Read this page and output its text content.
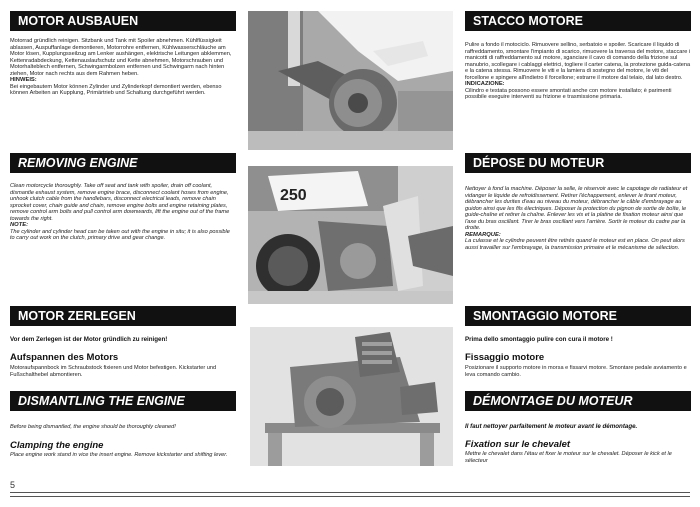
MOTOR AUSBAUEN

Motorrad gründlich reinigen. Sitzbank und Tank mit Spoiler abnehmen. Kühlflüssigkeit ablassen, Auspuffanlage demontieren, Motorrohre entfernen, Kühlwasserschläuche am Motor lösen, Kupplungsseilzug am Lenker aushängen, elektrische Leitungen abklemmen, Kettenradabdeckung, Kettenauslaufschutz und Kette abnehmen, Motorschrauben und Motorhalteblech entfernen, Schwingarmbolzen entfernen und Schwingarm nach hinten ziehen, Motor nach rechts aus dem Rahmen heben.

HINWEIS:

Bei eingebautem Motor können Zylinder und Zylinderkopf demontiert werden, ebenso können Arbeiten an Kupplung, Primärtrieb und Schaltung durchgeführt werden.

REMOVING ENGINE

Clean motorcycle thoroughly. Take off seat and tank with spoiler, drain off coolant, dismantle exhaust system, remove engine brace, disconnect coolant hoses from engine, unhook clutch cable from the handlebars, disconnect electrical leads, remove chain sprocket cover, chain guide and chain, remove engine bolts and engine retaining plates, remove control arm bolts and pull control arm downwards, lift the engine out of the frame towards the right.

NOTE:

The cylinder and cylinder head can be taken out with the engine in situ; it is also possible to carry out work on the clutch, primary drive and gear change.

MOTOR ZERLEGEN
Vor dem Zerlegen ist der Motor gründlich zu reinigen!
Aufspannen des Motors
Motoraufspannbock im Schraubstock fixieren und Motor befestigen. Kickstarter und Fußschalthebel abmontieren.
DISMANTLING THE ENGINE
Before being dismantled, the engine should be thoroughly cleaned!
Clamping the engine
Place engine work stand in vice the insert engine. Remove kickstarter and shifting lever.
250
STACCO MOTORE

Pulire a fondo il motociclo. Rimuovere sellino, serbatoio e spoiler. Scaricare il liquido di raffreddamento, smontare l'impianto di scarico, rimuovere la traversa del motore, staccare i manicotti di raffreddamento sul motore, sganciare il cavo di comando della frizione sul manubrio, scollegare i cablaggi elettrici, togliere il carter catena, la protezione guida-catena e la catena stessa. Rimuovere le viti e la lamiera di sostegno del motore, le viti del forcellone e spingere all'indietro il forcellone; estrarre il motore dal telaio, dal lato destro.

INDICAZIONE:

Cilindro e testata possono essere smontati anche con motore installato; è parimenti possibile eseguire interventi su frizione e trasmissione primaria.

DÉPOSE DU MOTEUR

Nettoyer à fond la machine. Déposer la selle, le réservoir avec le capotage de radiateur et vidanger le liquide de refroidissement. Retirer l'échappement, enlever le tirant moteur, débrancher les durites d'eau au niveau du moteur, débrancher le câble d'embrayage au guidon ainsi que les fils électriques. Déposer la protection du pignon de sortie de boîte, le guide-chaîne et retirer la chaîne. Enlever les vis et la platine de fixation moteur ainsi que l'axe du bras oscillant. Tirer le bras oscillant vers l'arrière. Sortir le moteur du cadre par la droite.

REMARQUE:

La culasse et le cylindre peuvent être retirés quand le moteur est en place. On peut alors aussi travailler sur l'embrayage, la transmission primaire et le mécanisme de sélection.

SMONTAGGIO MOTORE
Prima dello smontaggio pulire con cura il motore !
Fissaggio motore
Posizionare il supporto motore in morsa e fissarvi motore. Smontare pedale avviamento e leva comando cambio.
DÉMONTAGE DU MOTEUR
Il faut nettoyer parfaitement le moteur avant le démontage.
Fixation sur le chevalet
Mettre le chevalet dans l'étau et fixer le moteur sur le chevalet. Déposer le kick et le sélecteur
5
